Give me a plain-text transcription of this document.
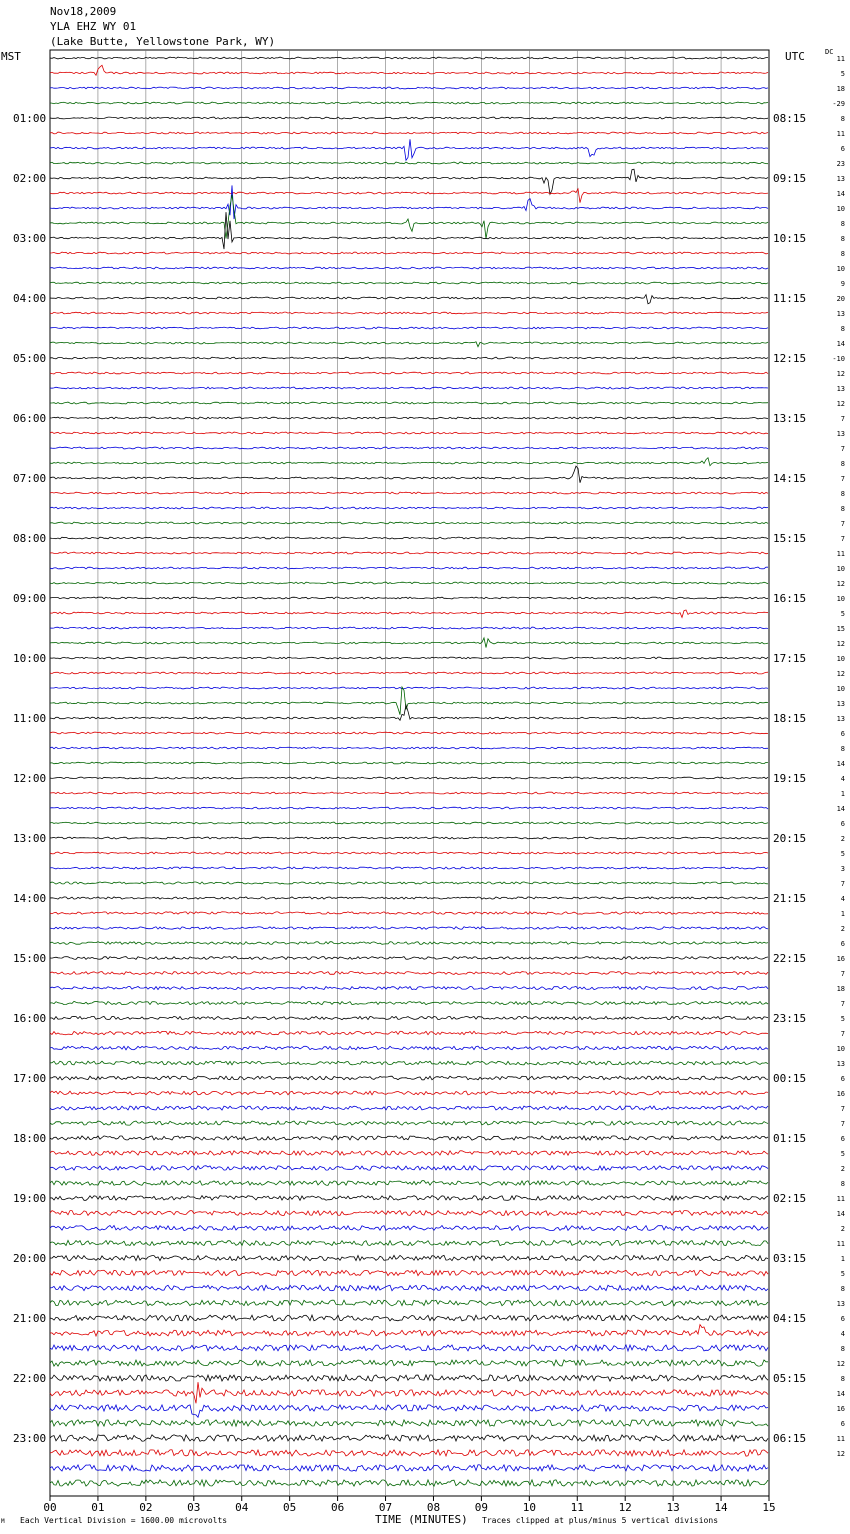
Nov18,2009
YLA EHZ WY 01
(Lake Butte, Yellowstone Park, WY)
MST	UTC	DC
01:00
02:00
03:00
04:00
05:00
06:00
07:00
08:00
09:00
10:00
11:00
12:00
13:00
14:00
15:00
16:00
17:00
18:00
19:00
20:00
21:00
22:00
23:00
08:15
09:15
10:15
11:15
12:15
13:15
14:15
15:15
16:15
17:15
18:15
19:15
20:15
21:15
22:15
23:15
00:15
01:15
02:15
03:15
04:15
05:15
06:15
11
5
18
-29
8
11
6
23
13
14
10
8
8
8
10
9
20
13
8
14
-10
12
13
12
7
13
7
8
7
8
8
7
7
11
10
12
10
5
15
12
10
12
10
13
13
6
8
14
4
1
14
6
2
5
3
7
4
1
2
6
16
7
18
7
5
7
10
13
6
16
7
7
6
5
2
8
11
14
2
11
1
5
8
13
6
4
8
12
8
14
16
6
11
12
00	01	02	03	04	05	06	07	08	09	10	11	12	13	14	15
M Each Vertical Division = 1600.00 microvolts	TIME (MINUTES) Traces clipped at plus/minus 5 vertical divisions
